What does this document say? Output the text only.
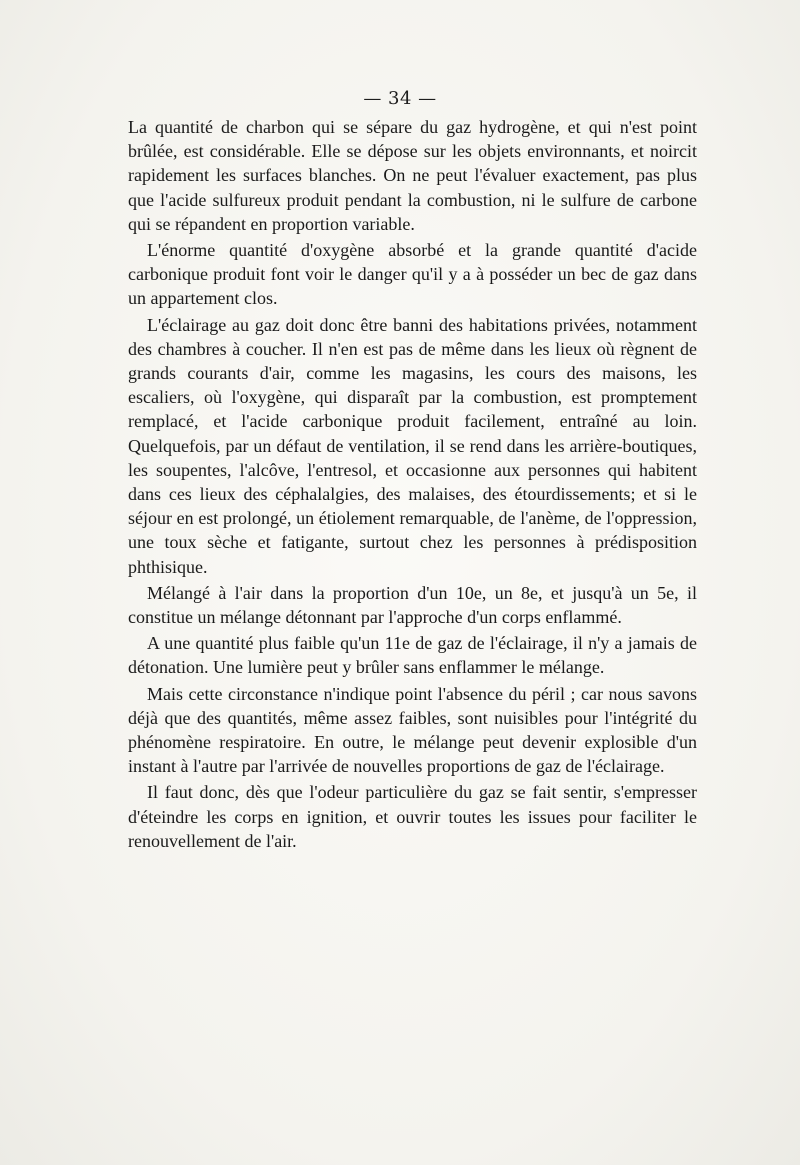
— 34 —

La quantité de charbon qui se sépare du gaz hydrogène, et qui n'est point brûlée, est considérable. Elle se dépose sur les objets environnants, et noircit rapidement les surfaces blanches. On ne peut l'évaluer exactement, pas plus que l'acide sulfureux produit pendant la combustion, ni le sulfure de carbone qui se répandent en proportion variable.

L'énorme quantité d'oxygène absorbé et la grande quantité d'acide carbonique produit font voir le danger qu'il y a à posséder un bec de gaz dans un appartement clos.

L'éclairage au gaz doit donc être banni des habitations privées, notamment des chambres à coucher. Il n'en est pas de même dans les lieux où règnent de grands courants d'air, comme les magasins, les cours des maisons, les escaliers, où l'oxygène, qui disparaît par la combustion, est promptement remplacé, et l'acide carbonique produit facilement, entraîné au loin. Quelquefois, par un défaut de ventilation, il se rend dans les arrière-boutiques, les soupentes, l'alcôve, l'entresol, et occasionne aux personnes qui habitent dans ces lieux des céphalalgies, des malaises, des étourdissements; et si le séjour en est prolongé, un étiolement remarquable, de l'anème, de l'oppression, une toux sèche et fatigante, surtout chez les personnes à prédisposition phthisique.

Mélangé à l'air dans la proportion d'un 10e, un 8e, et jusqu'à un 5e, il constitue un mélange détonnant par l'approche d'un corps enflammé.

A une quantité plus faible qu'un 11e de gaz de l'éclairage, il n'y a jamais de détonation. Une lumière peut y brûler sans enflammer le mélange.

Mais cette circonstance n'indique point l'absence du péril ; car nous savons déjà que des quantités, même assez faibles, sont nuisibles pour l'intégrité du phénomène respiratoire. En outre, le mélange peut devenir explosible d'un instant à l'autre par l'arrivée de nouvelles proportions de gaz de l'éclairage.

Il faut donc, dès que l'odeur particulière du gaz se fait sentir, s'empresser d'éteindre les corps en ignition, et ouvrir toutes les issues pour faciliter le renouvellement de l'air.
